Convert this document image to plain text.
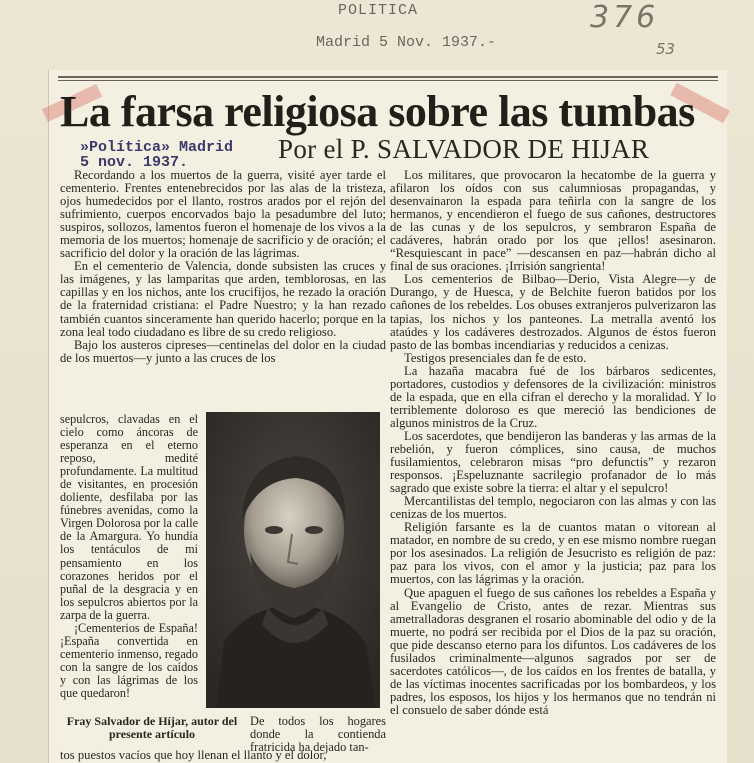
POLITICA
Madrid 5 Nov. 1937.-
376
53
La farsa religiosa sobre las tumbas
»Política» Madrid
5 nov. 1937.	Por el P. SALVADOR DE HIJAR

Recordando a los muertos de la guerra, visité ayer tarde el cementerio. Frentes entenebrecidos por las alas de la tristeza, ojos humedecidos por el llanto, rostros arados por el rejón del sufrimiento, cuerpos encorvados bajo la pesadumbre del luto; suspiros, sollozos, lamentos fueron el homenaje de los vivos a la memoria de los muertos; homenaje de sacrificio y de oración; el sacrificio del dolor y la oración de las lágrimas.

En el cementerio de Valencia, donde subsisten las cruces y las imágenes, y las lamparitas que arden, temblorosas, en las capillas y en los nichos, ante los crucifijos, he rezado la oración de la fraternidad cristiana: el Padre Nuestro; y la han rezado también cuantos sinceramente han querido hacerlo; porque en la zona leal todo ciudadano es libre de su credo religioso.

Bajo los austeros cipreses—centinelas del dolor en la ciudad de los muertos—y junto a las cruces de los

sepulcros, clavadas en el cielo como áncoras de esperanza en el eterno reposo, medité profundamente. La multitud de visitantes, en procesión doliente, desfilaba por las fúnebres avenidas, como la Virgen Dolorosa por la calle de la Amargura. Yo hundía los tentáculos de mi pensamiento en los corazones heridos por el puñal de la desgracia y en los sepulcros abiertos por la zarpa de la guerra.

¡Cementerios de España! ¡España convertida en cementerio inmenso, regado con la sangre de los caídos y con las lágrimas de los que quedaron!

Fray Salvador de Híjar, autor del presente artículo
De todos los hogares donde la contienda fratricida ha dejado tan-
tos puestos vacíos que hoy llenan el llanto y el dolor,

Los militares, que provocaron la hecatombe de la guerra y afilaron los oídos con sus calumniosas propagandas, y desenvainaron la espada para teñirla con la sangre de los hermanos, y encendieron el fuego de sus cañones, destructores de las cunas y de los sepulcros, y sembraron España de cadáveres, habrán orado por los que ¡ellos! asesinaron. “Resquiescant in pace” —descansen en paz—habrán dicho al final de sus oraciones. ¡Irrisión sangrienta!

Los cementerios de Bilbao—Derio, Vista Alegre—y de Durango, y de Huesca, y de Belchite fueron batidos por los cañones de los rebeldes. Los obuses extranjeros pulverizaron las tapias, los nichos y los panteones. La metralla aventó los ataúdes y los cadáveres destrozados. Algunos de éstos fueron pasto de las bombas incendiarias y reducidos a cenizas.

Testigos presenciales dan fe de esto.

La hazaña macabra fué de los bárbaros sedicentes, portadores, custodios y defensores de la civilización: ministros de la espada, que en ella cifran el derecho y la moralidad. Y lo terriblemente doloroso es que mereció las bendiciones de algunos ministros de la Cruz.

Los sacerdotes, que bendijeron las banderas y las armas de la rebelión, y fueron cómplices, sino causa, de muchos fusilamientos, celebraron misas “pro defunctis” y rezaron responsos. ¡Espeluznante sacrilegio profanador de lo más sagrado que existe sobre la tierra: el altar y el sepulcro!

Mercantilistas del templo, negociaron con las almas y con las cenizas de los muertos.

Religión farsante es la de cuantos matan o vitorean al matador, en nombre de su credo, y en ese mismo nombre ruegan por los asesinados. La religión de Jesucristo es religión de paz: paz para los vivos, con el amor y la justicia; paz para los muertos, con las lágrimas y la oración.

Que apaguen el fuego de sus cañones los rebeldes a España y al Evangelio de Cristo, antes de rezar. Mientras sus ametralladoras desgranen el rosario abominable del odio y de la muerte, no podrá ser recibida por el Dios de la paz su oración, que pide descanso eterno para los difuntos. Los cadáveres de los fusilados criminalmente—algunos sagrados por ser de sacerdotes católicos—, de los caídos en los frentes de batalla, y de las víctimas inocentes sacrificadas por los bombardeos, y los padres, los esposos, los hijos y los hermanos que no tendrán ni el consuelo de saber dónde está
